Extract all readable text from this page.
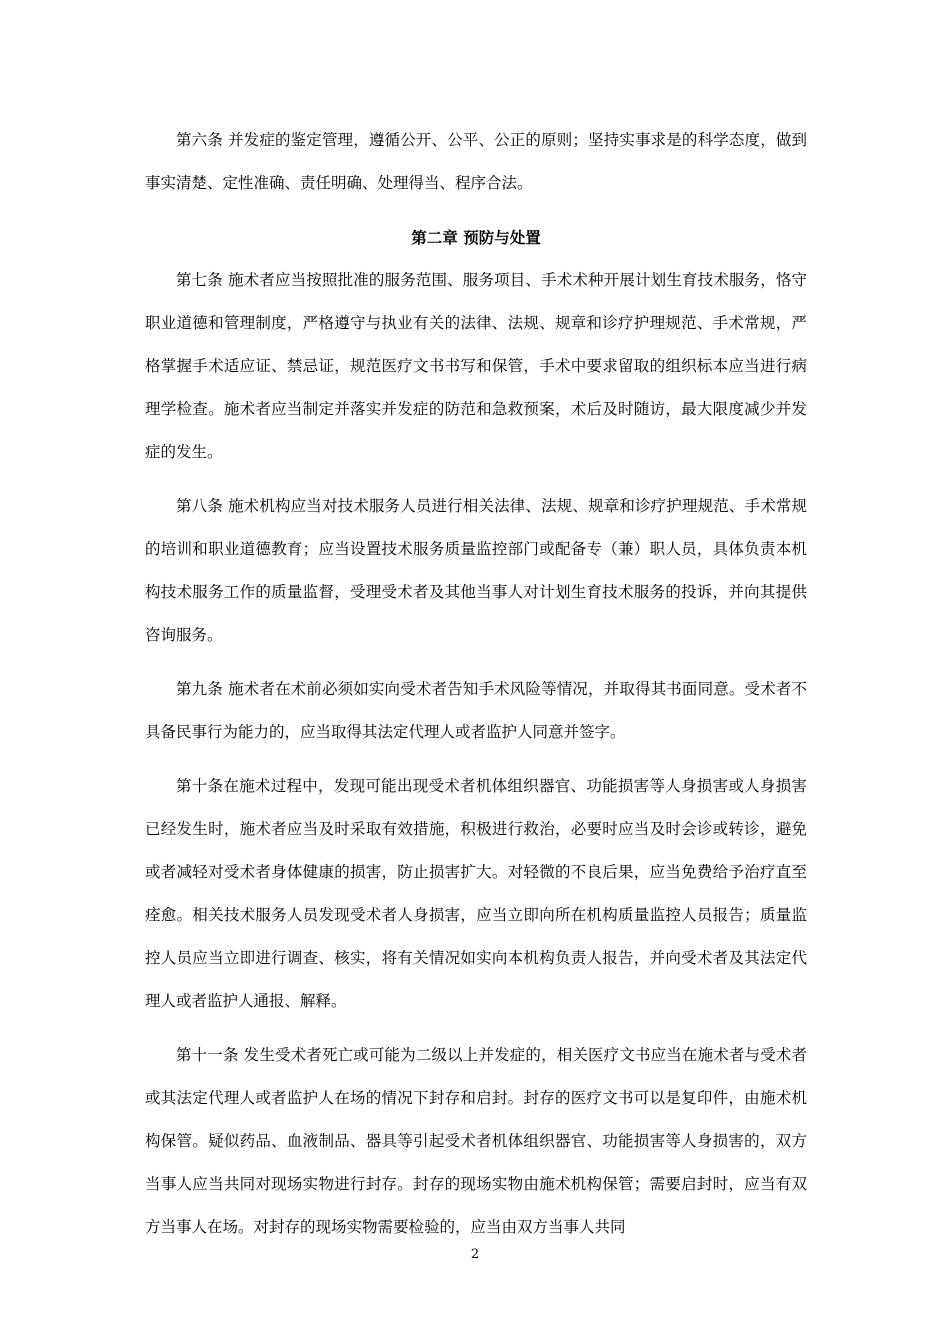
第六条 并发症的鉴定管理，遵循公开、公平、公正的原则；坚持实事求是的科学态度，做到事实清楚、定性准确、责任明确、处理得当、程序合法。

第二章 预防与处置

第七条 施术者应当按照批准的服务范围、服务项目、手术术种开展计划生育技术服务，恪守职业道德和管理制度，严格遵守与执业有关的法律、法规、规章和诊疗护理规范、手术常规，严格掌握手术适应证、禁忌证，规范医疗文书书写和保管，手术中要求留取的组织标本应当进行病理学检查。施术者应当制定并落实并发症的防范和急救预案，术后及时随访，最大限度减少并发症的发生。

第八条 施术机构应当对技术服务人员进行相关法律、法规、规章和诊疗护理规范、手术常规的培训和职业道德教育；应当设置技术服务质量监控部门或配备专（兼）职人员，具体负责本机构技术服务工作的质量监督，受理受术者及其他当事人对计划生育技术服务的投诉，并向其提供咨询服务。

第九条 施术者在术前必须如实向受术者告知手术风险等情况，并取得其书面同意。受术者不具备民事行为能力的，应当取得其法定代理人或者监护人同意并签字。

第十条在施术过程中，发现可能出现受术者机体组织器官、功能损害等人身损害或人身损害已经发生时，施术者应当及时采取有效措施，积极进行救治，必要时应当及时会诊或转诊，避免或者减轻对受术者身体健康的损害，防止损害扩大。对轻微的不良后果，应当免费给予治疗直至痊愈。相关技术服务人员发现受术者人身损害，应当立即向所在机构质量监控人员报告；质量监控人员应当立即进行调查、核实，将有关情况如实向本机构负责人报告，并向受术者及其法定代理人或者监护人通报、解释。

第十一条 发生受术者死亡或可能为二级以上并发症的，相关医疗文书应当在施术者与受术者或其法定代理人或者监护人在场的情况下封存和启封。封存的医疗文书可以是复印件，由施术机构保管。疑似药品、血液制品、器具等引起受术者机体组织器官、功能损害等人身损害的，双方当事人应当共同对现场实物进行封存。封存的现场实物由施术机构保管；需要启封时，应当有双方当事人在场。对封存的现场实物需要检验的，应当由双方当事人共同

2
